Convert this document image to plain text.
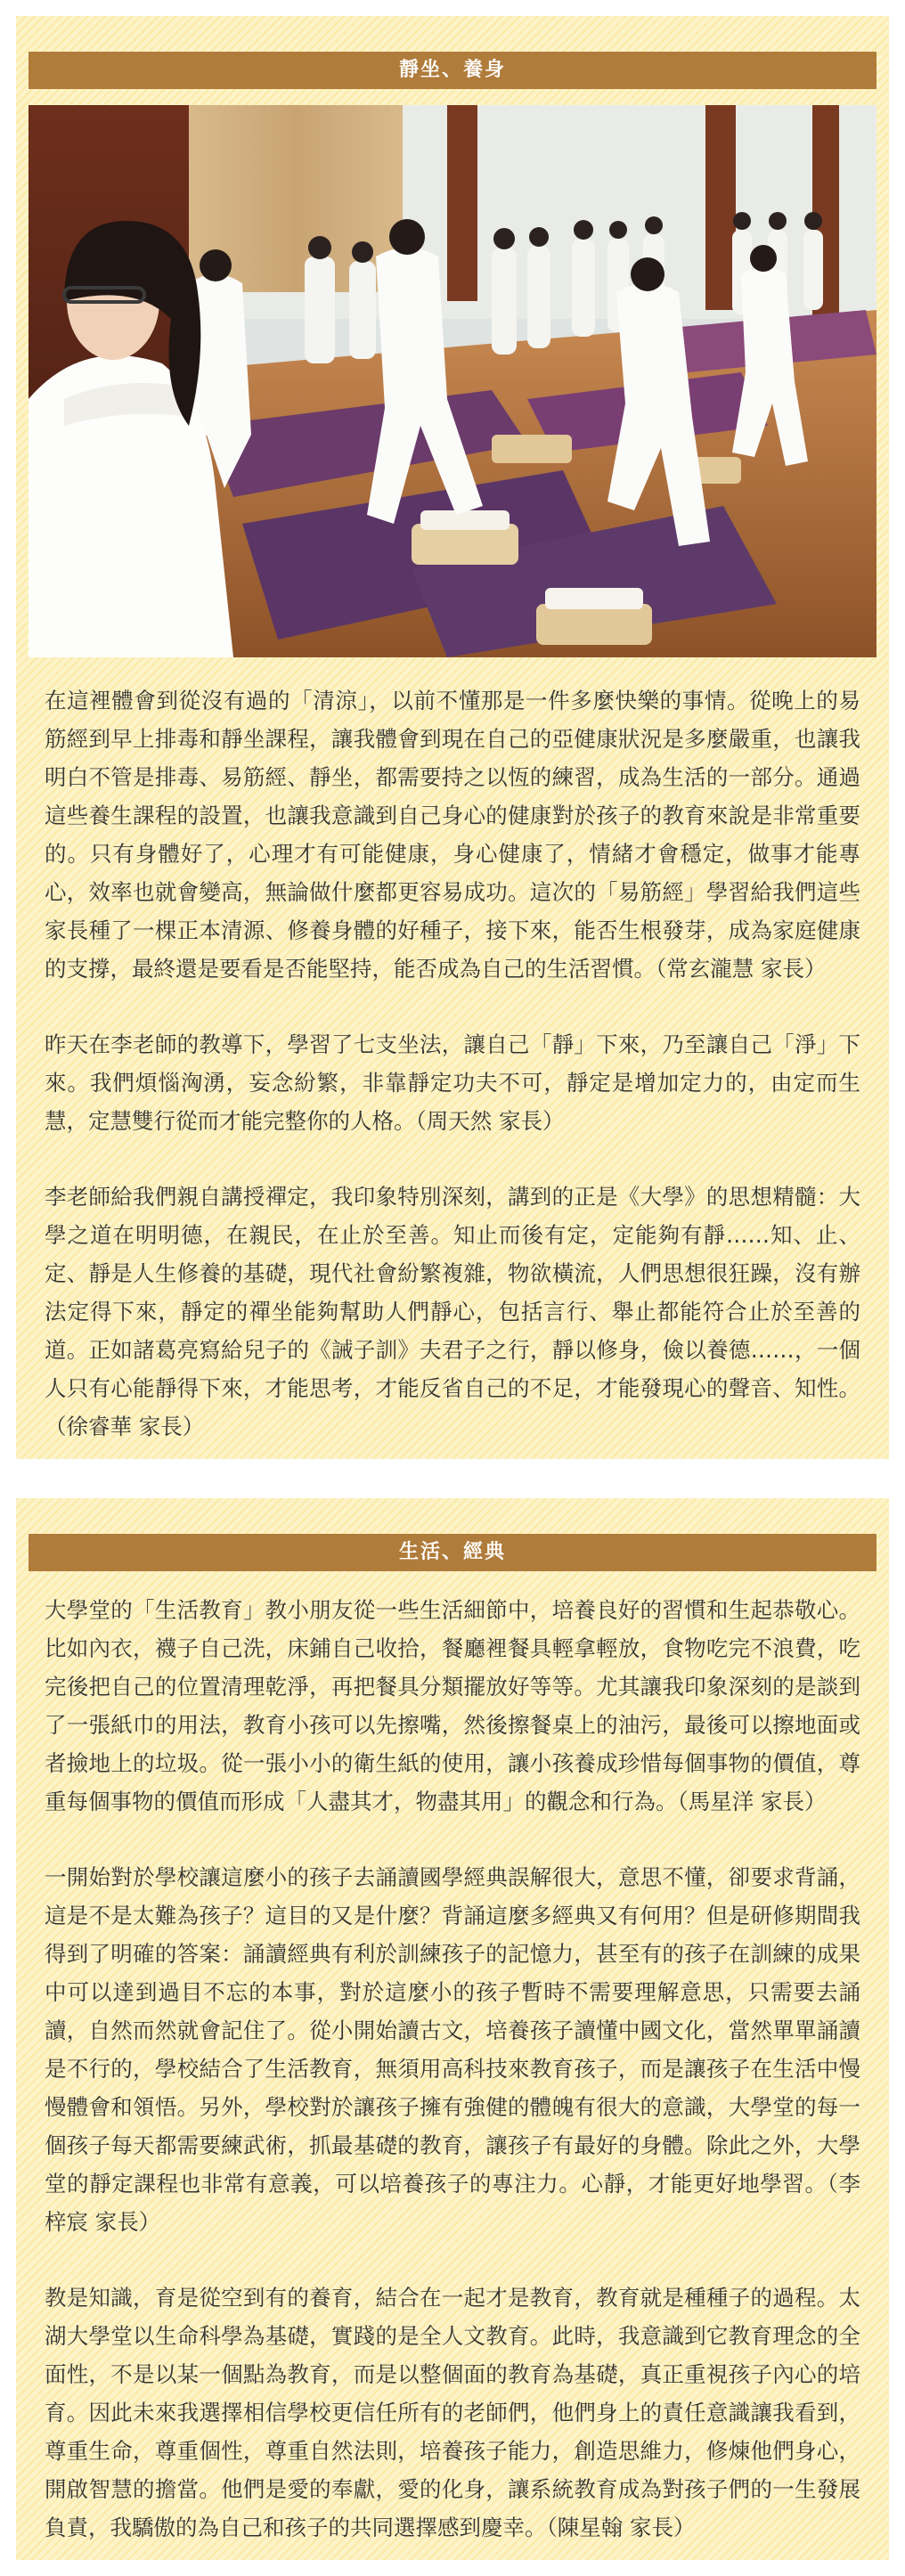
靜坐、養身

在這裡體會到從沒有過的「清涼」，以前不懂那是一件多麼快樂的事情。從晚上的易筋經到早上排毒和靜坐課程，讓我體會到現在自己的亞健康狀況是多麼嚴重，也讓我明白不管是排毒、易筋經、靜坐，都需要持之以恆的練習，成為生活的一部分。通過這些養生課程的設置，也讓我意識到自己身心的健康對於孩子的教育來說是非常重要的。只有身體好了，心理才有可能健康，身心健康了，情緒才會穩定，做事才能專心，效率也就會變高，無論做什麼都更容易成功。這次的「易筋經」學習給我們這些家長種了一棵正本清源、修養身體的好種子，接下來，能否生根發芽，成為家庭健康的支撐，最終還是要看是否能堅持，能否成為自己的生活習慣。（常玄瀧慧 家長）

昨天在李老師的教導下，學習了七支坐法，讓自己「靜」下來，乃至讓自己「淨」下來。我們煩惱洶湧，妄念紛繁，非靠靜定功夫不可，靜定是增加定力的，由定而生慧，定慧雙行從而才能完整你的人格。（周天然 家長）

李老師給我們親自講授禪定，我印象特別深刻，講到的正是《大學》的思想精髓：大學之道在明明德，在親民，在止於至善。知止而後有定，定能夠有靜……知、止、定、靜是人生修養的基礎，現代社會紛繁複雜，物欲橫流，人們思想很狂躁，沒有辦法定得下來，靜定的禪坐能夠幫助人們靜心，包括言行、舉止都能符合止於至善的道。正如諸葛亮寫給兒子的《誡子訓》夫君子之行，靜以修身，儉以養德……，一個人只有心能靜得下來，才能思考，才能反省自己的不足，才能發現心的聲音、知性。（徐睿華 家長）

生活、經典

大學堂的「生活教育」教小朋友從一些生活細節中，培養良好的習慣和生起恭敬心。比如內衣，襪子自己洗，床鋪自己收拾，餐廳裡餐具輕拿輕放，食物吃完不浪費，吃完後把自己的位置清理乾淨，再把餐具分類擺放好等等。尤其讓我印象深刻的是談到了一張紙巾的用法，教育小孩可以先擦嘴，然後擦餐桌上的油污，最後可以擦地面或者撿地上的垃圾。從一張小小的衛生紙的使用，讓小孩養成珍惜每個事物的價值，尊重每個事物的價值而形成「人盡其才，物盡其用」的觀念和行為。（馬星洋 家長）

一開始對於學校讓這麼小的孩子去誦讀國學經典誤解很大，意思不懂，卻要求背誦，這是不是太難為孩子？這目的又是什麼？背誦這麼多經典又有何用？但是研修期間我得到了明確的答案：誦讀經典有利於訓練孩子的記憶力，甚至有的孩子在訓練的成果中可以達到過目不忘的本事，對於這麼小的孩子暫時不需要理解意思，只需要去誦讀，自然而然就會記住了。從小開始讀古文，培養孩子讀懂中國文化，當然單單誦讀是不行的，學校結合了生活教育，無須用高科技來教育孩子，而是讓孩子在生活中慢慢體會和領悟。另外，學校對於讓孩子擁有強健的體魄有很大的意識，大學堂的每一個孩子每天都需要練武術，抓最基礎的教育，讓孩子有最好的身體。除此之外，大學堂的靜定課程也非常有意義，可以培養孩子的專注力。心靜，才能更好地學習。（李梓宸 家長）

教是知識，育是從空到有的養育，結合在一起才是教育，教育就是種種子的過程。太湖大學堂以生命科學為基礎，實踐的是全人文教育。此時，我意識到它教育理念的全面性，不是以某一個點為教育，而是以整個面的教育為基礎，真正重視孩子內心的培育。因此未來我選擇相信學校更信任所有的老師們，他們身上的責任意識讓我看到，尊重生命，尊重個性，尊重自然法則，培養孩子能力，創造思維力，修煉他們身心，開啟智慧的擔當。他們是愛的奉獻，愛的化身，讓系統教育成為對孩子們的一生發展負責，我驕傲的為自己和孩子的共同選擇感到慶幸。（陳星翰 家長）
